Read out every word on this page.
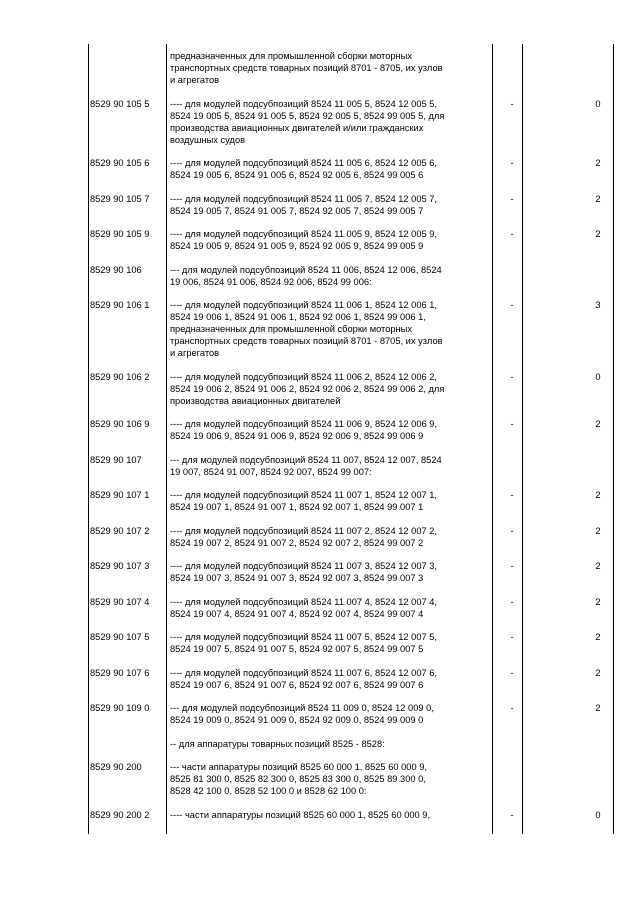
предназначенных для промышленной сборки моторных
транспортных средств товарных позиций 8701 - 8705, их узлов
и агрегатов
8529 90 105 5	---- для модулей подсубпозиций 8524 11 005 5, 8524 12 005 5,
8524 19 005 5, 8524 91 005 5, 8524 92 005 5, 8524 99 005 5, для
производства авиационных двигателей и/или гражданских
воздушных судов
-	0
8529 90 105 6	---- для модулей подсубпозиций 8524 11 005 6, 8524 12 005 6,
8524 19 005 6, 8524 91 005 6, 8524 92 005 6, 8524 99 005 6
-	2
8529 90 105 7	---- для модулей подсубпозиций 8524 11 005 7, 8524 12 005 7,
8524 19 005 7, 8524 91 005 7, 8524 92 005 7, 8524 99 005 7
-	2
8529 90 105 9	---- для модулей подсубпозиций 8524 11 005 9, 8524 12 005 9,
8524 19 005 9, 8524 91 005 9, 8524 92 005 9, 8524 99 005 9
-	2
8529 90 106	--- для модулей подсубпозиций 8524 11 006, 8524 12 006, 8524
19 006, 8524 91 006, 8524 92 006, 8524 99 006:
8529 90 106 1	---- для модулей подсубпозиций 8524 11 006 1, 8524 12 006 1,
8524 19 006 1, 8524 91 006 1, 8524 92 006 1, 8524 99 006 1,
предназначенных для промышленной сборки моторных
транспортных средств товарных позиций 8701 - 8705, их узлов
и агрегатов
-	3
8529 90 106 2	---- для модулей подсубпозиций 8524 11 006 2, 8524 12 006 2,
8524 19 006 2, 8524 91 006 2, 8524 92 006 2, 8524 99 006 2, для
производства авиационных двигателей
-	0
8529 90 106 9	---- для модулей подсубпозиций 8524 11 006 9, 8524 12 006 9,
8524 19 006 9, 8524 91 006 9, 8524 92 006 9, 8524 99 006 9
-	2
8529 90 107	--- для модулей подсубпозиций 8524 11 007, 8524 12 007, 8524
19 007, 8524 91 007, 8524 92 007, 8524 99 007:
8529 90 107 1	---- для модулей подсубпозиций 8524 11 007 1, 8524 12 007 1,
8524 19 007 1, 8524 91 007 1, 8524 92 007 1, 8524 99 007 1
-	2
8529 90 107 2	---- для модулей подсубпозиций 8524 11 007 2, 8524 12 007 2,
8524 19 007 2, 8524 91 007 2, 8524 92 007 2, 8524 99 007 2
-	2
8529 90 107 3	---- для модулей подсубпозиций 8524 11 007 3, 8524 12 007 3,
8524 19 007 3, 8524 91 007 3, 8524 92 007 3, 8524 99 007 3
-	2
8529 90 107 4	---- для модулей подсубпозиций 8524 11 007 4, 8524 12 007 4,
8524 19 007 4, 8524 91 007 4, 8524 92 007 4, 8524 99 007 4
-	2
8529 90 107 5	---- для модулей подсубпозиций 8524 11 007 5, 8524 12 007 5,
8524 19 007 5, 8524 91 007 5, 8524 92 007 5, 8524 99 007 5
-	2
8529 90 107 6	---- для модулей подсубпозиций 8524 11 007 6, 8524 12 007 6,
8524 19 007 6, 8524 91 007 6, 8524 92 007 6, 8524 99 007 6
-	2
8529 90 109 0	--- для модулей подсубпозиций 8524 11 009 0, 8524 12 009 0,
8524 19 009 0, 8524 91 009 0, 8524 92 009 0, 8524 99 009 0
-	2
-- для аппаратуры товарных позиций 8525 - 8528:
8529 90 200	--- части аппаратуры позиций 8525 60 000 1, 8525 60 000 9,
8525 81 300 0, 8525 82 300 0, 8525 83 300 0, 8525 89 300 0,
8528 42 100 0, 8528 52 100 0 и 8528 62 100 0:
8529 90 200 2	---- части аппаратуры позиций 8525 60 000 1, 8525 60 000 9,	-	0
